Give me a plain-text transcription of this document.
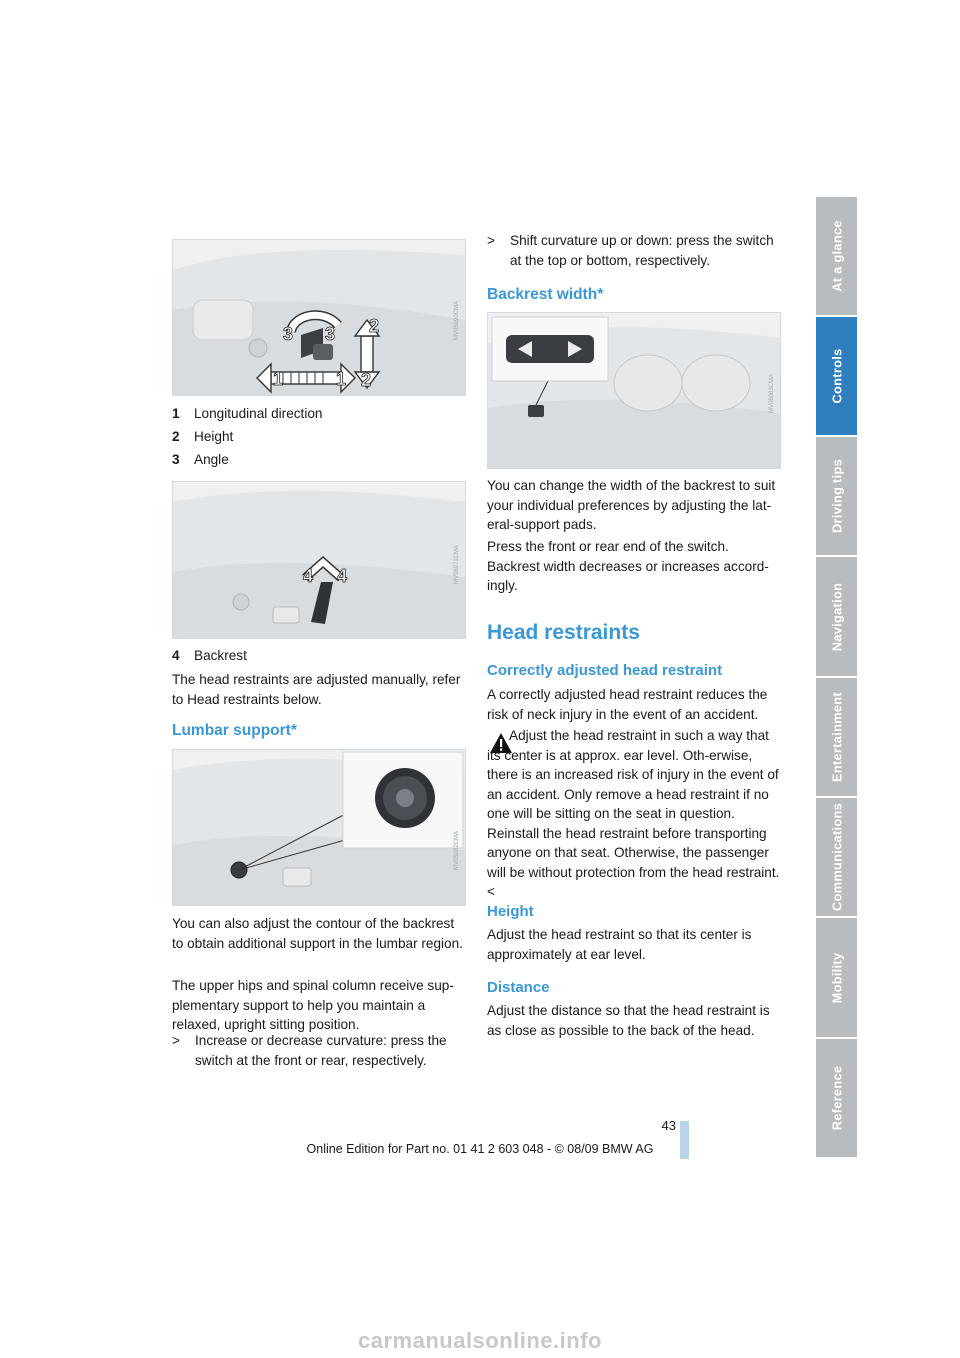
1	1
2
2
3 3	MV05090CMA

1 Longitudinal direction

2 Height

3 Angle

4 4	MV06071CMA

4 Backrest

The head restraints are adjusted manually, refer to Head restraints below.

Lumbar support*
MV05082CMA

You can also adjust the contour of the backrest to obtain additional support in the lumbar region.

The upper hips and spinal column receive sup-plementary support to help you maintain a relaxed, upright sitting position.

> Increase or decrease curvature: press the switch at the front or rear, respectively.
> Shift curvature up or down: press the switch at the top or bottom, respectively.
Backrest width*
MV06083CMA

You can change the width of the backrest to suit your individual preferences by adjusting the lat-eral-support pads.

Press the front or rear end of the switch. Backrest width decreases or increases accord-ingly.

Head restraints
Correctly adjusted head restraint

A correctly adjusted head restraint reduces the risk of neck injury in the event of an accident.

Adjust the head restraint in such a way that its center is at approx. ear level. Oth-erwise, there is an increased risk of injury in the event of an accident. Only remove a head restraint if no one will be sitting on the seat in question. Reinstall the head restraint before transporting anyone on that seat. Otherwise, the passenger will be without protection from the head restraint.<

Height

Adjust the head restraint so that its center is approximately at ear level.

Distance

Adjust the distance so that the head restraint is as close as possible to the back of the head.

At a glance
Controls
Driving tips
Navigation
Entertainment
Communications
Mobility
Reference
43
Online Edition for Part no. 01 41 2 603 048 - © 08/09 BMW AG
carmanualsonline.info
